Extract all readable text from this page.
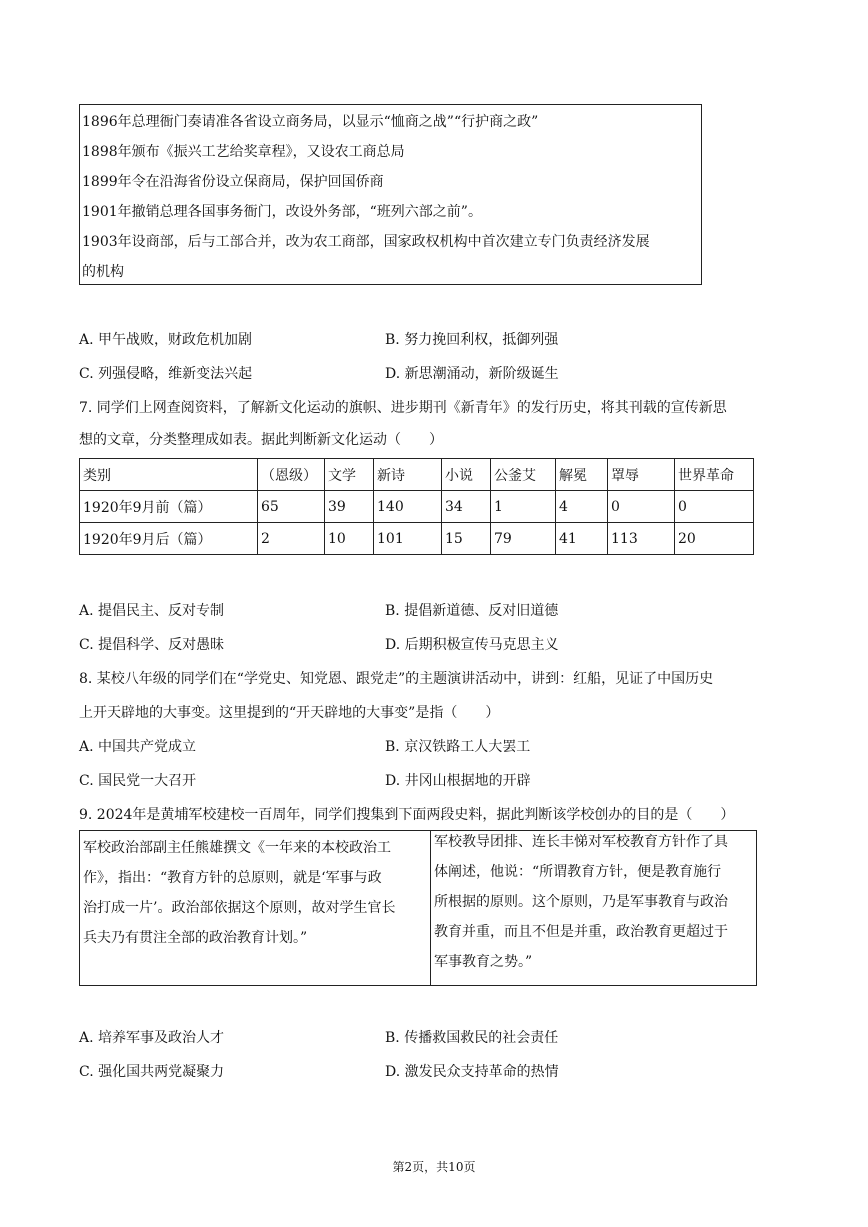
1896年总理衙门奏请准各省设立商务局，以显示“恤商之战”“行护商之政”
1898年颁布《振兴工艺给奖章程》，又设农工商总局
1899年令在沿海省份设立保商局，保护回国侨商
1901年撤销总理各国事务衙门，改设外务部，“班列六部之前”。
1903年设商部，后与工部合并，改为农工商部，国家政权机构中首次建立专门负责经济发展
的机构
A. 甲午战败，财政危机加剧	B. 努力挽回利权，抵御列强
C. 列强侵略，维新变法兴起	D. 新思潮涌动，新阶级诞生
7. 同学们上网查阅资料，了解新文化运动的旗帜、进步期刊《新青年》的发行历史，将其刊载的宣传新思
想的文章，分类整理成如表。据此判断新文化运动（　　）
类别	（恩级）	文学	新诗	小说	公釜艾	解冕	罩辱	世界革命
1920年9月前（篇）	65	39	140	34	1	4	0	0
1920年9月后（篇）	2	10	101	15	79	41	113	20
A. 提倡民主、反对专制	B. 提倡新道德、反对旧道德
C. 提倡科学、反对愚昧	D. 后期积极宣传马克思主义
8. 某校八年级的同学们在“学党史、知党恩、跟党走”的主题演讲活动中，讲到：红船，见证了中国历史
上开天辟地的大事变。这里提到的“开天辟地的大事变”是指（　　）
A. 中国共产党成立	B. 京汉铁路工人大罢工
C. 国民党一大召开	D. 井冈山根据地的开辟
9. 2024年是黄埔军校建校一百周年，同学们搜集到下面两段史料，据此判断该学校创办的目的是（　　）
军校政治部副主任熊雄撰文《一年来的本校政治工
作》，指出：“教育方针的总原则，就是‘军事与政
治打成一片’。政治部依据这个原则，故对学生官长
兵夫乃有贯注全部的政治教育计划。”
军校教导团排、连长丰悌对军校教育方针作了具
体阐述，他说：“所谓教育方针，便是教育施行
所根据的原则。这个原则，乃是军事教育与政治
教育并重，而且不但是并重，政治教育更超过于
军事教育之势。”
A. 培养军事及政治人才	B. 传播救国救民的社会责任
C. 强化国共两党凝聚力	D. 激发民众支持革命的热情
第2页，共10页
